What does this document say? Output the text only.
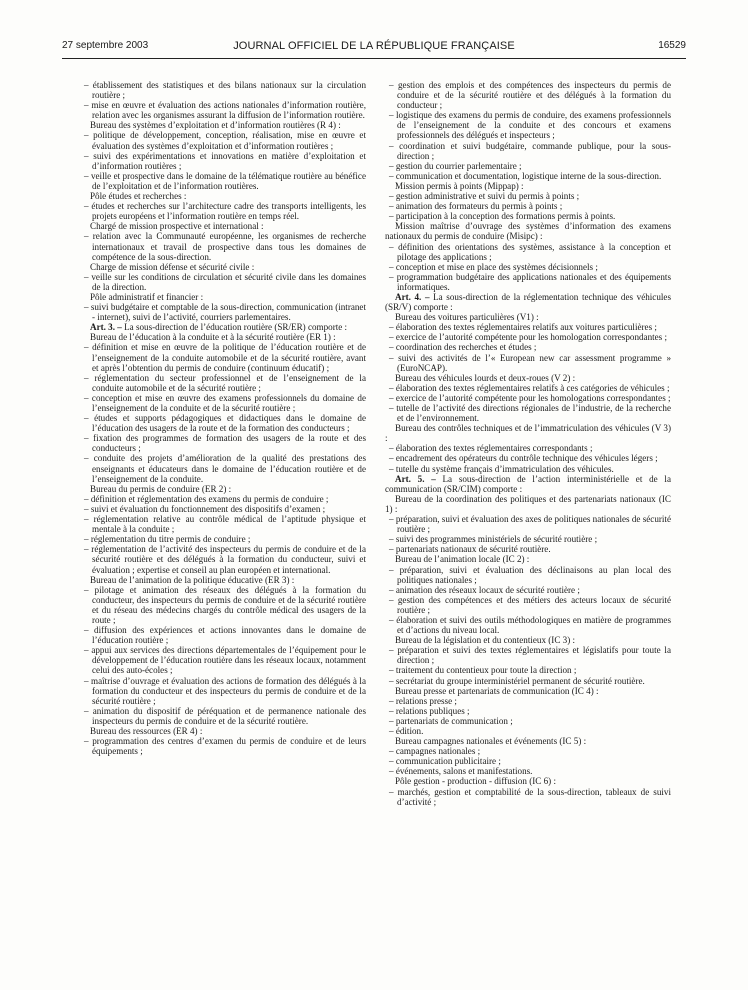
27 septembre 2003	JOURNAL OFFICIEL DE LA RÉPUBLIQUE FRANÇAISE	16529
– établissement des statistiques et des bilans nationaux sur la circulation routière ;
– mise en œuvre et évaluation des actions nationales d’information routière, relation avec les organismes assurant la diffusion de l’information routière.
Bureau des systèmes d’exploitation et d’information routières (R 4) :
– politique de développement, conception, réalisation, mise en œuvre et évaluation des systèmes d’exploitation et d’information routières ;
– suivi des expérimentations et innovations en matière d’exploitation et d’information routières ;
– veille et prospective dans le domaine de la télématique routière au bénéfice de l’exploitation et de l’information routières.
Pôle études et recherches :
– études et recherches sur l’architecture cadre des transports intelligents, les projets européens et l’information routière en temps réel.
Chargé de mission prospective et international :
– relation avec la Communauté européenne, les organismes de recherche internationaux et travail de prospective dans tous les domaines de compétence de la sous-direction.
Charge de mission défense et sécurité civile :
– veille sur les conditions de circulation et sécurité civile dans les domaines de la direction.
Pôle administratif et financier :
– suivi budgétaire et comptable de la sous-direction, communication (intranet - internet), suivi de l’activité, courriers parlementaires.
Art. 3. – La sous-direction de l’éducation routière (SR/ER) comporte :
Bureau de l’éducation à la conduite et à la sécurité routière (ER 1) :
– définition et mise en œuvre de la politique de l’éducation routière et de l’enseignement de la conduite automobile et de la sécurité routière, avant et après l’obtention du permis de conduire (continuum éducatif) ;
– réglementation du secteur professionnel et de l’enseignement de la conduite automobile et de la sécurité routière ;
– conception et mise en œuvre des examens professionnels du domaine de l’enseignement de la conduite et de la sécurité routière ;
– études et supports pédagogiques et didactiques dans le domaine de l’éducation des usagers de la route et de la formation des conducteurs ;
– fixation des programmes de formation des usagers de la route et des conducteurs ;
– conduite des projets d’amélioration de la qualité des prestations des enseignants et éducateurs dans le domaine de l’éducation routière et de l’enseignement de la conduite.
Bureau du permis de conduire (ER 2) :
– définition et réglementation des examens du permis de conduire ;
– suivi et évaluation du fonctionnement des dispositifs d’examen ;
– réglementation relative au contrôle médical de l’aptitude physique et mentale à la conduite ;
– réglementation du titre permis de conduire ;
– réglementation de l’activité des inspecteurs du permis de conduire et de la sécurité routière et des délégués à la formation du conducteur, suivi et évaluation ; expertise et conseil au plan européen et international.
Bureau de l’animation de la politique éducative (ER 3) :
– pilotage et animation des réseaux des délégués à la formation du conducteur, des inspecteurs du permis de conduire et de la sécurité routière et du réseau des médecins chargés du contrôle médical des usagers de la route ;
– diffusion des expériences et actions innovantes dans le domaine de l’éducation routière ;
– appui aux services des directions départementales de l’équipement pour le développement de l’éducation routière dans les réseaux locaux, notamment celui des auto-écoles ;
– maîtrise d’ouvrage et évaluation des actions de formation des délégués à la formation du conducteur et des inspecteurs du permis de conduire et de la sécurité routière ;
– animation du dispositif de péréquation et de permanence nationale des inspecteurs du permis de conduire et de la sécurité routière.
Bureau des ressources (ER 4) :
– programmation des centres d’examen du permis de conduire et de leurs équipements ;
– gestion des emplois et des compétences des inspecteurs du permis de conduire et de la sécurité routière et des délégués à la formation du conducteur ;
– logistique des examens du permis de conduire, des examens professionnels de l’enseignement de la conduite et des concours et examens professionnels des délégués et inspecteurs ;
– coordination et suivi budgétaire, commande publique, pour la sous-direction ;
– gestion du courrier parlementaire ;
– communication et documentation, logistique interne de la sous-direction.
Mission permis à points (Mippap) :
– gestion administrative et suivi du permis à points ;
– animation des formateurs du permis à points ;
– participation à la conception des formations permis à points.
Mission maîtrise d’ouvrage des systèmes d’information des examens nationaux du permis de conduire (Misipc) :
– définition des orientations des systèmes, assistance à la conception et pilotage des applications ;
– conception et mise en place des systèmes décisionnels ;
– programmation budgétaire des applications nationales et des équipements informatiques.
Art. 4. – La sous-direction de la réglementation technique des véhicules (SR/V) comporte :
Bureau des voitures particulières (V1) :
– élaboration des textes réglementaires relatifs aux voitures particulières ;
– exercice de l’autorité compétente pour les homologation correspondantes ;
– coordination des recherches et études ;
– suivi des activités de l’« European new car assessment programme » (EuroNCAP).
Bureau des véhicules lourds et deux-roues (V 2) :
– élaboration des textes réglementaires relatifs à ces catégories de véhicules ;
– exercice de l’autorité compétente pour les homologations correspondantes ;
– tutelle de l’activité des directions régionales de l’industrie, de la recherche et de l’environnement.
Bureau des contrôles techniques et de l’immatriculation des véhicules (V 3) :
– élaboration des textes réglementaires correspondants ;
– encadrement des opérateurs du contrôle technique des véhicules légers ;
– tutelle du système français d’immatriculation des véhicules.
Art. 5. – La sous-direction de l’action interministérielle et de la communication (SR/CIM) comporte :
Bureau de la coordination des politiques et des partenariats nationaux (IC 1) :
– préparation, suivi et évaluation des axes de politiques nationales de sécurité routière ;
– suivi des programmes ministériels de sécurité routière ;
– partenariats nationaux de sécurité routière.
Bureau de l’animation locale (IC 2) :
– préparation, suivi et évaluation des déclinaisons au plan local des politiques nationales ;
– animation des réseaux locaux de sécurité routière ;
– gestion des compétences et des métiers des acteurs locaux de sécurité routière ;
– élaboration et suivi des outils méthodologiques en matière de programmes et d’actions du niveau local.
Bureau de la législation et du contentieux (IC 3) :
– préparation et suivi des textes réglementaires et législatifs pour toute la direction ;
– traitement du contentieux pour toute la direction ;
– secrétariat du groupe interministériel permanent de sécurité routière.
Bureau presse et partenariats de communication (IC 4) :
– relations presse ;
– relations publiques ;
– partenariats de communication ;
– édition.
Bureau campagnes nationales et événements (IC 5) :
– campagnes nationales ;
– communication publicitaire ;
– événements, salons et manifestations.
Pôle gestion - production - diffusion (IC 6) :
– marchés, gestion et comptabilité de la sous-direction, tableaux de suivi d’activité ;
